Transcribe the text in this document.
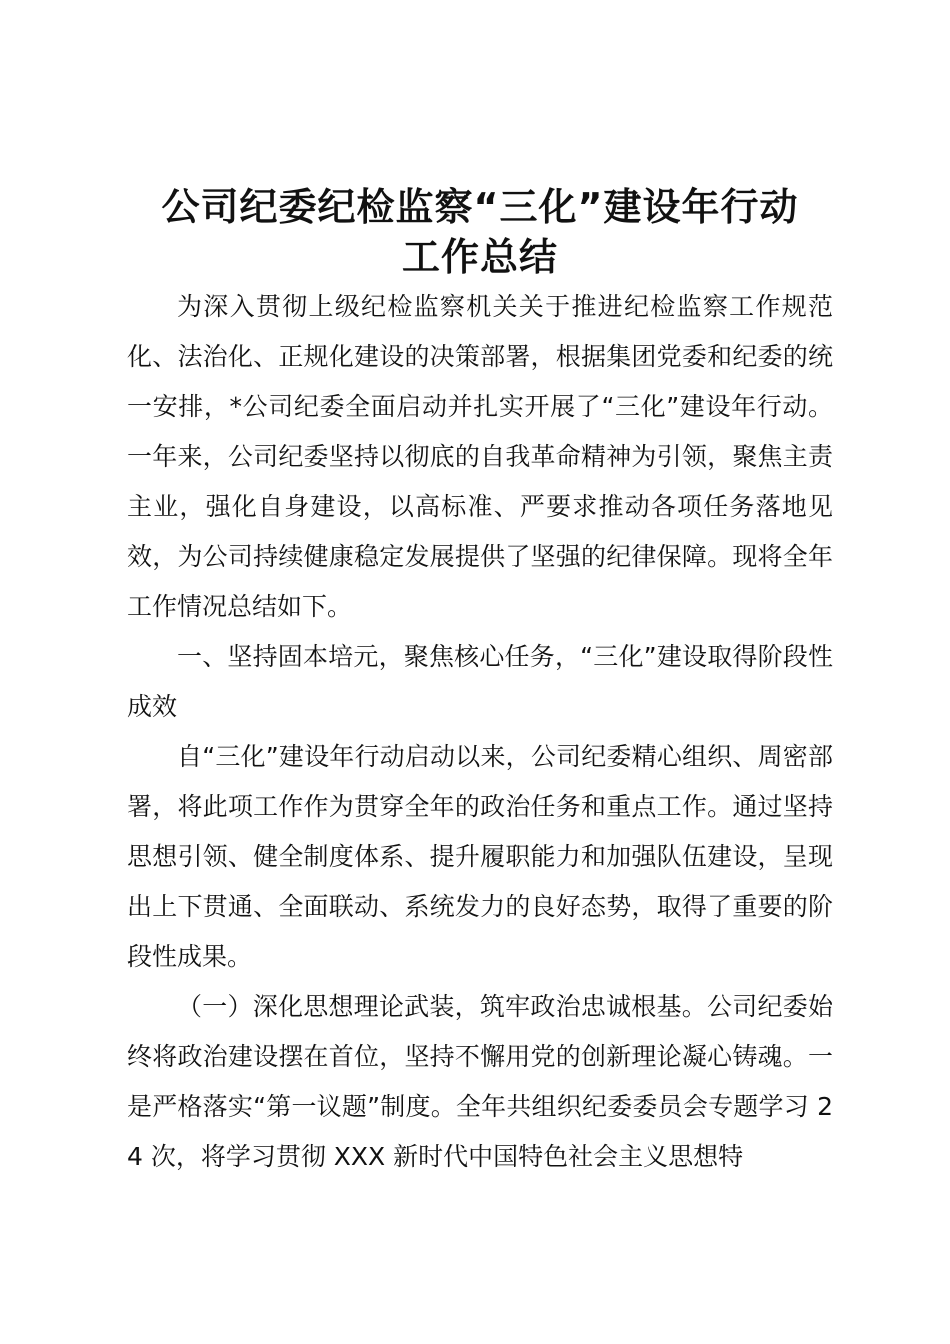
公司纪委纪检监察“三化”建设年行动
工作总结

为深入贯彻上级纪检监察机关关于推进纪检监察工作规范化、法治化、正规化建设的决策部署，根据集团党委和纪委的统一安排，*公司纪委全面启动并扎实开展了“三化”建设年行动。一年来，公司纪委坚持以彻底的自我革命精神为引领，聚焦主责主业，强化自身建设，以高标准、严要求推动各项任务落地见效，为公司持续健康稳定发展提供了坚强的纪律保障。现将全年工作情况总结如下。

一、坚持固本培元，聚焦核心任务，“三化”建设取得阶段性成效

自“三化”建设年行动启动以来，公司纪委精心组织、周密部署，将此项工作作为贯穿全年的政治任务和重点工作。通过坚持思想引领、健全制度体系、提升履职能力和加强队伍建设，呈现出上下贯通、全面联动、系统发力的良好态势，取得了重要的阶段性成果。

（一）深化思想理论武装，筑牢政治忠诚根基。公司纪委始终将政治建设摆在首位，坚持不懈用党的创新理论凝心铸魂。一是严格落实“第一议题”制度。全年共组织纪委委员会专题学习 24 次，将学习贯彻 XXX 新时代中国特色社会主义思想特
